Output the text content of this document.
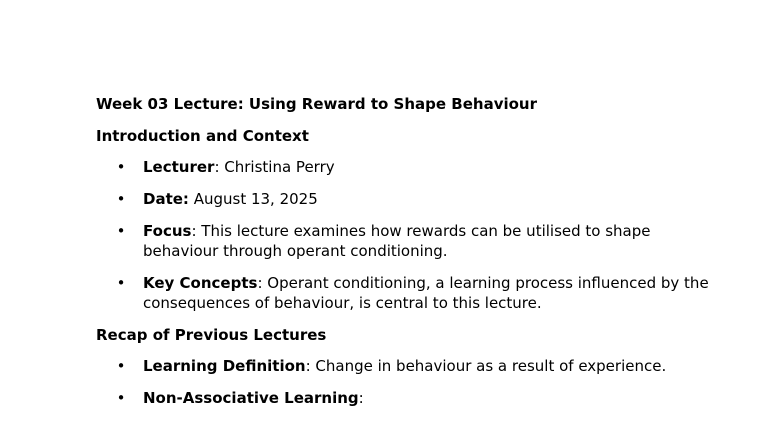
Week 03 Lecture: Using Reward to Shape Behaviour

Introduction and Context

• Lecturer: Christina Perry
• Date: August 13, 2025
• Focus: This lecture examines how rewards can be utilised to shape behaviour through operant conditioning.
• Key Concepts: Operant conditioning, a learning process influenced by the consequences of behaviour, is central to this lecture.

Recap of Previous Lectures

• Learning Definition: Change in behaviour as a result of experience.
• Non-Associative Learning:
